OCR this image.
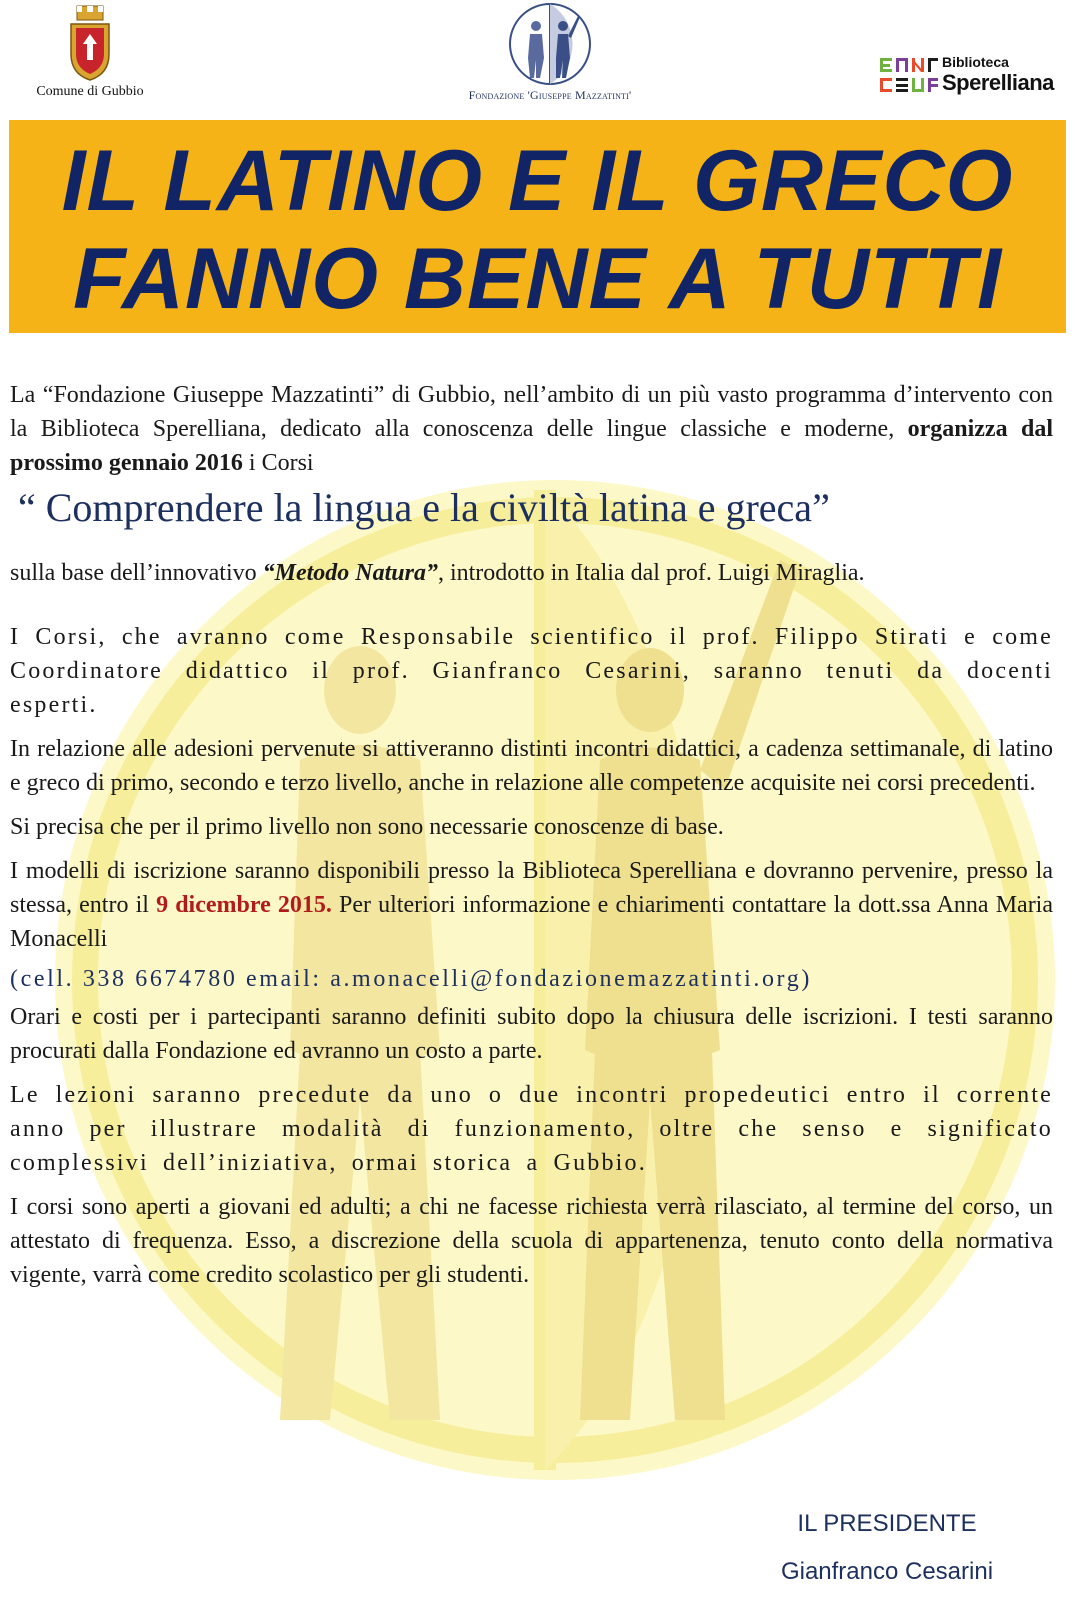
Comune di Gubbio	Fondazione 'Giuseppe Mazzatinti'
Biblioteca
Sperelliana
IL LATINO E IL GRECO
FANNO BENE A TUTTI

La “Fondazione Giuseppe Mazzatinti” di Gubbio, nell’ambito di un più vasto programma d’intervento con la Biblioteca Sperelliana, dedicato alla conoscenza delle lingue classiche e moderne, organizza dal prossimo gennaio 2016 i Corsi

“ Comprendere la lingua e la civiltà latina e greca”

sulla base dell’innovativo “Metodo Natura”, introdotto in Italia dal prof. Luigi Miraglia.

I Corsi, che avranno come Responsabile scientifico il prof. Filippo Stirati e come Coordinatore didattico il prof. Gianfranco Cesarini, saranno tenuti da docenti esperti.

In relazione alle adesioni pervenute si attiveranno distinti incontri didattici, a cadenza settimanale, di latino e greco di primo, secondo e terzo livello, anche in relazione alle competenze acquisite nei corsi precedenti.

Si precisa che per il primo livello non sono necessarie conoscenze di base.

I modelli di iscrizione saranno disponibili presso la Biblioteca Sperelliana e dovranno pervenire, presso la stessa, entro il 9 dicembre 2015. Per ulteriori informazione e chiarimenti contattare la dott.ssa Anna Maria Monacelli

(cell. 338 6674780 email: a.monacelli@fondazionemazzatinti.org)

Orari e costi per i partecipanti saranno definiti subito dopo la chiusura delle iscrizioni. I testi saranno procurati dalla Fondazione ed avranno un costo a parte.

Le lezioni saranno precedute da uno o due incontri propedeutici entro il corrente anno per illustrare modalità di funzionamento, oltre che senso e significato complessivi dell’iniziativa, ormai storica a Gubbio.

I corsi sono aperti a giovani ed adulti; a chi ne facesse richiesta verrà rilasciato, al termine del corso, un attestato di frequenza. Esso, a discrezione della scuola di appartenenza, tenuto conto della normativa vigente, varrà come credito scolastico per gli studenti.

IL PRESIDENTE
Gianfranco Cesarini
